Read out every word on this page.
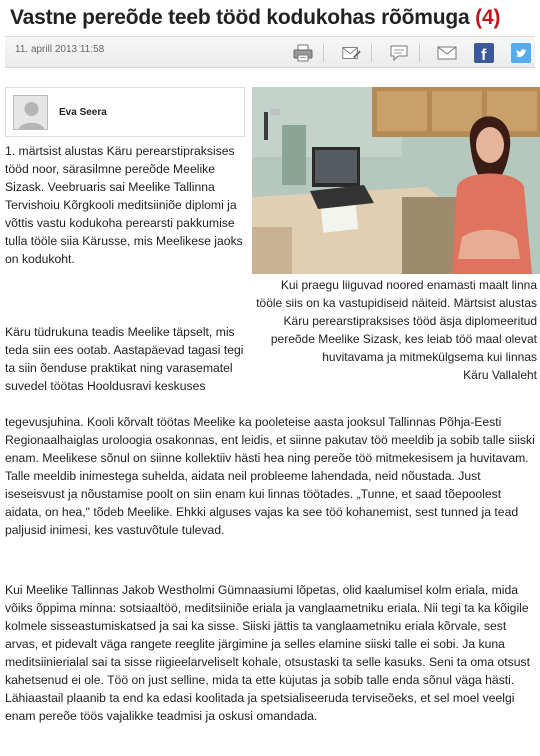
Vastne pereõde teeb tööd kodukohas rõõmuga (4)
11. aprill 2013 11:58	f
Eva Seera
Kui praegu liiguvad noored enamasti maalt linna tööle siis on ka vastupidiseid näiteid. Märtsist alustas Käru perearstipraksises tööd äsja diplomeeritud pereõde Meelike Sizask, kes leiab töö maal olevat huvitavama ja mitmekülgsema kui linnas
Käru Vallaleht

1. märtsist alustas Käru perearstipraksises tööd noor, särasilmne pereõde Meelike Sizask. Veebruaris sai Meelike Tallinna Tervishoiu Kõrgkooli meditsiiniõe diplomi ja võttis vastu kodukoha perearsti pakkumise tulla tööle siia Kärusse, mis Meelikese jaoks on kodukoht.

Käru tüdrukuna teadis Meelike täpselt, mis teda siin ees ootab. Aastapäevad tagasi tegi ta siin õenduse praktikat ning varasematel suvedel töötas Hooldusravi keskuses

tegevusjuhina. Kooli kõrvalt töötas Meelike ka pooleteise aasta jooksul Tallinnas Põhja-Eesti Regionaalhaiglas uroloogia osakonnas, ent leidis, et siinne pakutav töö meeldib ja sobib talle siiski enam. Meelikese sõnul on siinne kollektiiv hästi hea ning pereõe töö mitmekesisem ja huvitavam. Talle meeldib inimestega suhelda, aidata neil probleeme lahendada, neid nõustada. Just iseseisvust ja nõustamise poolt on siin enam kui linnas töötades. „Tunne, et saad tõepoolest aidata, on hea," tõdeb Meelike. Ehkki alguses vajas ka see töö kohanemist, sest tunned ja tead paljusid inimesi, kes vastuvõtule tulevad.

Kui Meelike Tallinnas Jakob Westholmi Gümnaasiumi lõpetas, olid kaalumisel kolm eriala, mida võiks õppima minna: sotsiaaltöö, meditsiiniõe eriala ja vanglaametniku eriala. Nii tegi ta ka kõigile kolmele sisseastumiskatsed ja sai ka sisse. Siiski jättis ta vanglaametniku eriala kõrvale, sest arvas, et pidevalt väga rangete reeglite järgimine ja selles elamine siiski talle ei sobi. Ja kuna meditsiinierialal sai ta sisse riigieelarveliselt kohale, otsustaski ta selle kasuks. Seni ta oma otsust kahetsenud ei ole. Töö on just selline, mida ta ette kujutas ja sobib talle enda sõnul väga hästi. Lähiaastail plaanib ta end ka edasi koolitada ja spetsialiseeruda terviseõeks, et sel moel veelgi enam pereõe töös vajalikke teadmisi ja oskusi omandada.
